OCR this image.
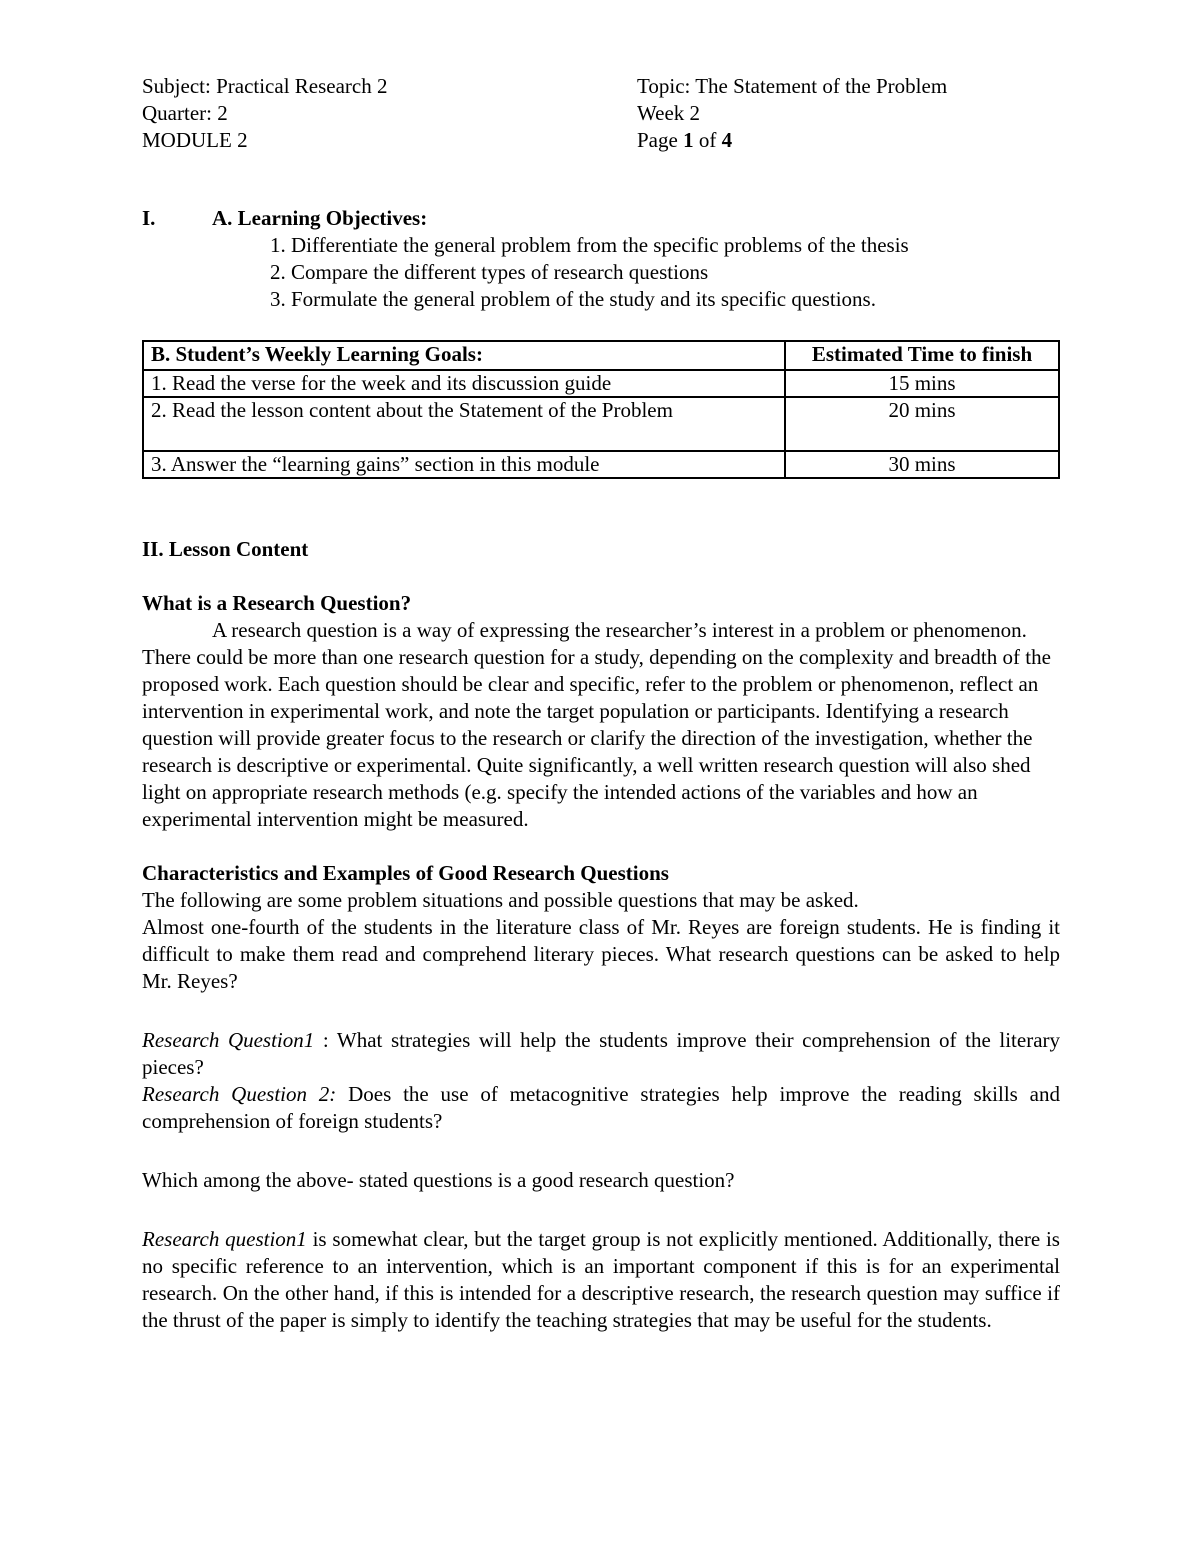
Subject: Practical Research 2
Quarter: 2
MODULE 2
Topic: The Statement of the Problem
Week 2
Page 1 of 4
I.	A. Learning Objectives:
1. Differentiate the general problem from the specific problems of the thesis
2. Compare the different types of research questions
3. Formulate the general problem of the study and its specific questions.
B. Student’s Weekly Learning Goals:	Estimated Time to finish
1. Read the verse for the week and its discussion guide	15 mins
2. Read the lesson content about the Statement of the Problem	20 mins
3. Answer the “learning gains” section in this module	30 mins

II. Lesson Content

What is a Research Question?

A research question is a way of expressing the researcher’s interest in a problem or phenomenon. There could be more than one research question for a study, depending on the complexity and breadth of the proposed work. Each question should be clear and specific, refer to the problem or phenomenon, reflect an intervention in experimental work, and note the target population or participants. Identifying a research question will provide greater focus to the research or clarify the direction of the investigation, whether the research is descriptive or experimental. Quite significantly, a well written research question will also shed light on appropriate research methods (e.g. specify the intended actions of the variables and how an experimental intervention might be measured.

Characteristics and Examples of Good Research Questions

The following are some problem situations and possible questions that may be asked.

Almost one-fourth of the students in the literature class of Mr. Reyes are foreign students. He is finding it difficult to make them read and comprehend literary pieces. What research questions can be asked to help Mr. Reyes?

Research Question1 : What strategies will help the students improve their comprehension of the literary pieces?

Research Question 2: Does the use of metacognitive strategies help improve the reading skills and comprehension of foreign students?

Which among the above- stated questions is a good research question?

Research question1 is somewhat clear, but the target group is not explicitly mentioned. Additionally, there is no specific reference to an intervention, which is an important component if this is for an experimental research. On the other hand, if this is intended for a descriptive research, the research question may suffice if the thrust of the paper is simply to identify the teaching strategies that may be useful for the students.
